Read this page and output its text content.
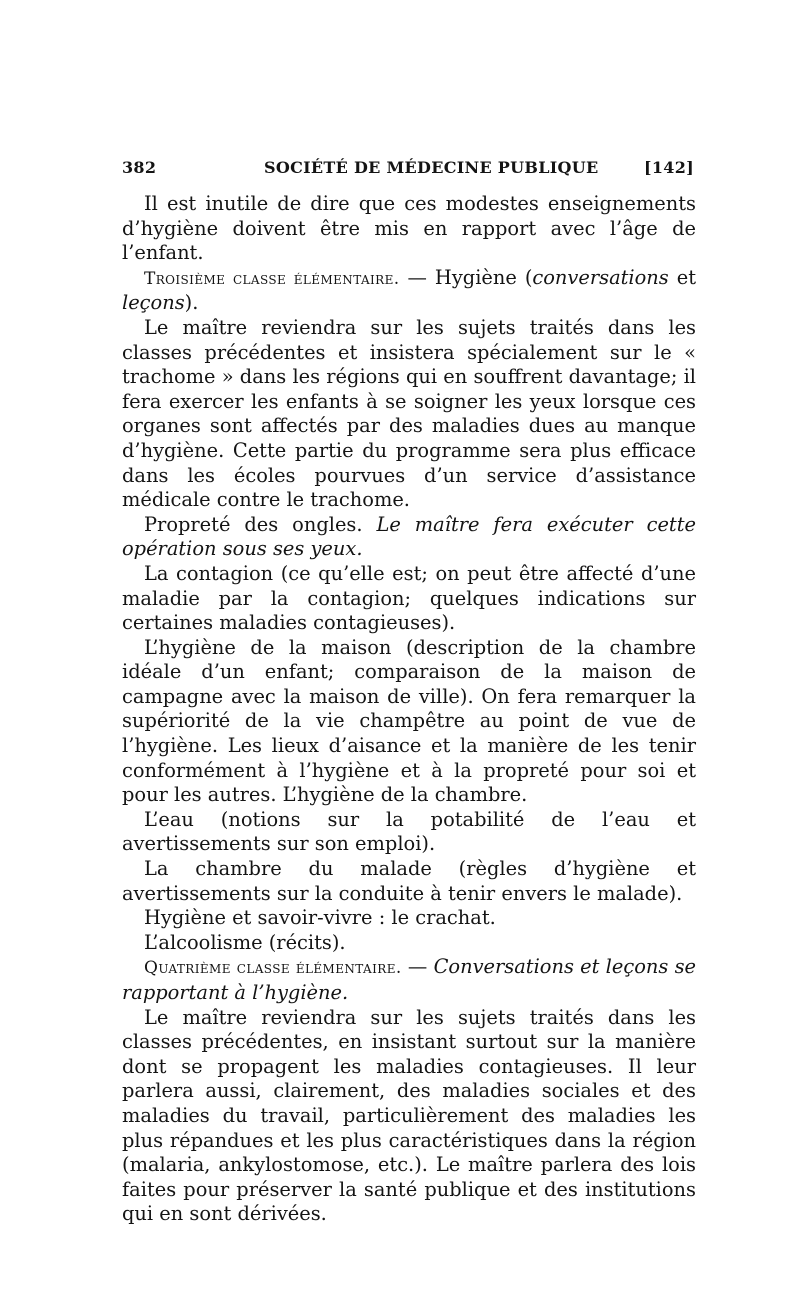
382	SOCIÉTÉ DE MÉDECINE PUBLIQUE	[142]

Il est inutile de dire que ces modestes enseignements d’hygiène doivent être mis en rapport avec l’âge de l’enfant.

Troisième classe élémentaire. — Hygiène (conversations et leçons).

Le maître reviendra sur les sujets traités dans les classes précédentes et insistera spécialement sur le « trachome » dans les régions qui en souffrent davantage; il fera exercer les enfants à se soigner les yeux lorsque ces organes sont affectés par des maladies dues au manque d’hygiène. Cette partie du programme sera plus efficace dans les écoles pourvues d’un service d’assistance médicale contre le trachome.

Propreté des ongles. Le maître fera exécuter cette opération sous ses yeux.

La contagion (ce qu’elle est; on peut être affecté d’une maladie par la contagion; quelques indications sur certaines maladies contagieuses).

L’hygiène de la maison (description de la chambre idéale d’un enfant; comparaison de la maison de campagne avec la maison de ville). On fera remarquer la supériorité de la vie champêtre au point de vue de l’hygiène. Les lieux d’aisance et la manière de les tenir conformément à l’hygiène et à la propreté pour soi et pour les autres. L’hygiène de la chambre.

L’eau (notions sur la potabilité de l’eau et avertissements sur son emploi).

La chambre du malade (règles d’hygiène et avertissements sur la conduite à tenir envers le malade).

Hygiène et savoir-vivre : le crachat.

L’alcoolisme (récits).

Quatrième classe élémentaire. — Conversations et leçons se rapportant à l’hygiène.

Le maître reviendra sur les sujets traités dans les classes précédentes, en insistant surtout sur la manière dont se propagent les maladies contagieuses. Il leur parlera aussi, clairement, des maladies sociales et des maladies du travail, particulièrement des maladies les plus répandues et les plus caractéristiques dans la région (malaria, ankylostomose, etc.). Le maître parlera des lois faites pour préserver la santé publique et des institutions qui en sont dérivées.
